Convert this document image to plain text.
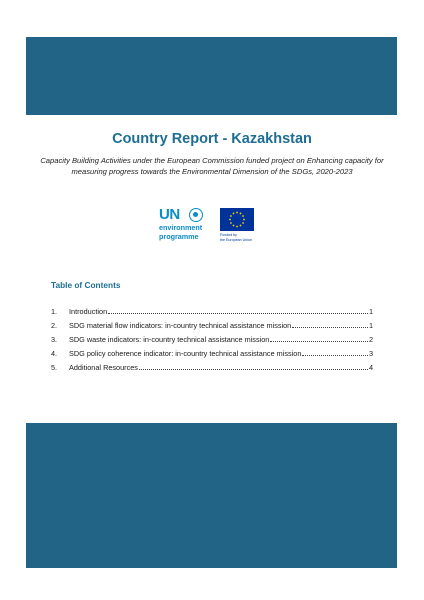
Country Report - Kazakhstan
Capacity Building Activities under the European Commission funded project on Enhancing capacity for measuring progress towards the Environmental Dimension of the SDGs, 2020-2023
UN
environment
programme	Funded by
the European Union
Table of Contents
1.	Introduction	1
2.	SDG material flow indicators: in-country technical assistance mission	1
3.	SDG waste indicators: in-country technical assistance mission	2
4.	SDG policy coherence indicator: in-country technical assistance mission	3
5.	Additional Resources	4
